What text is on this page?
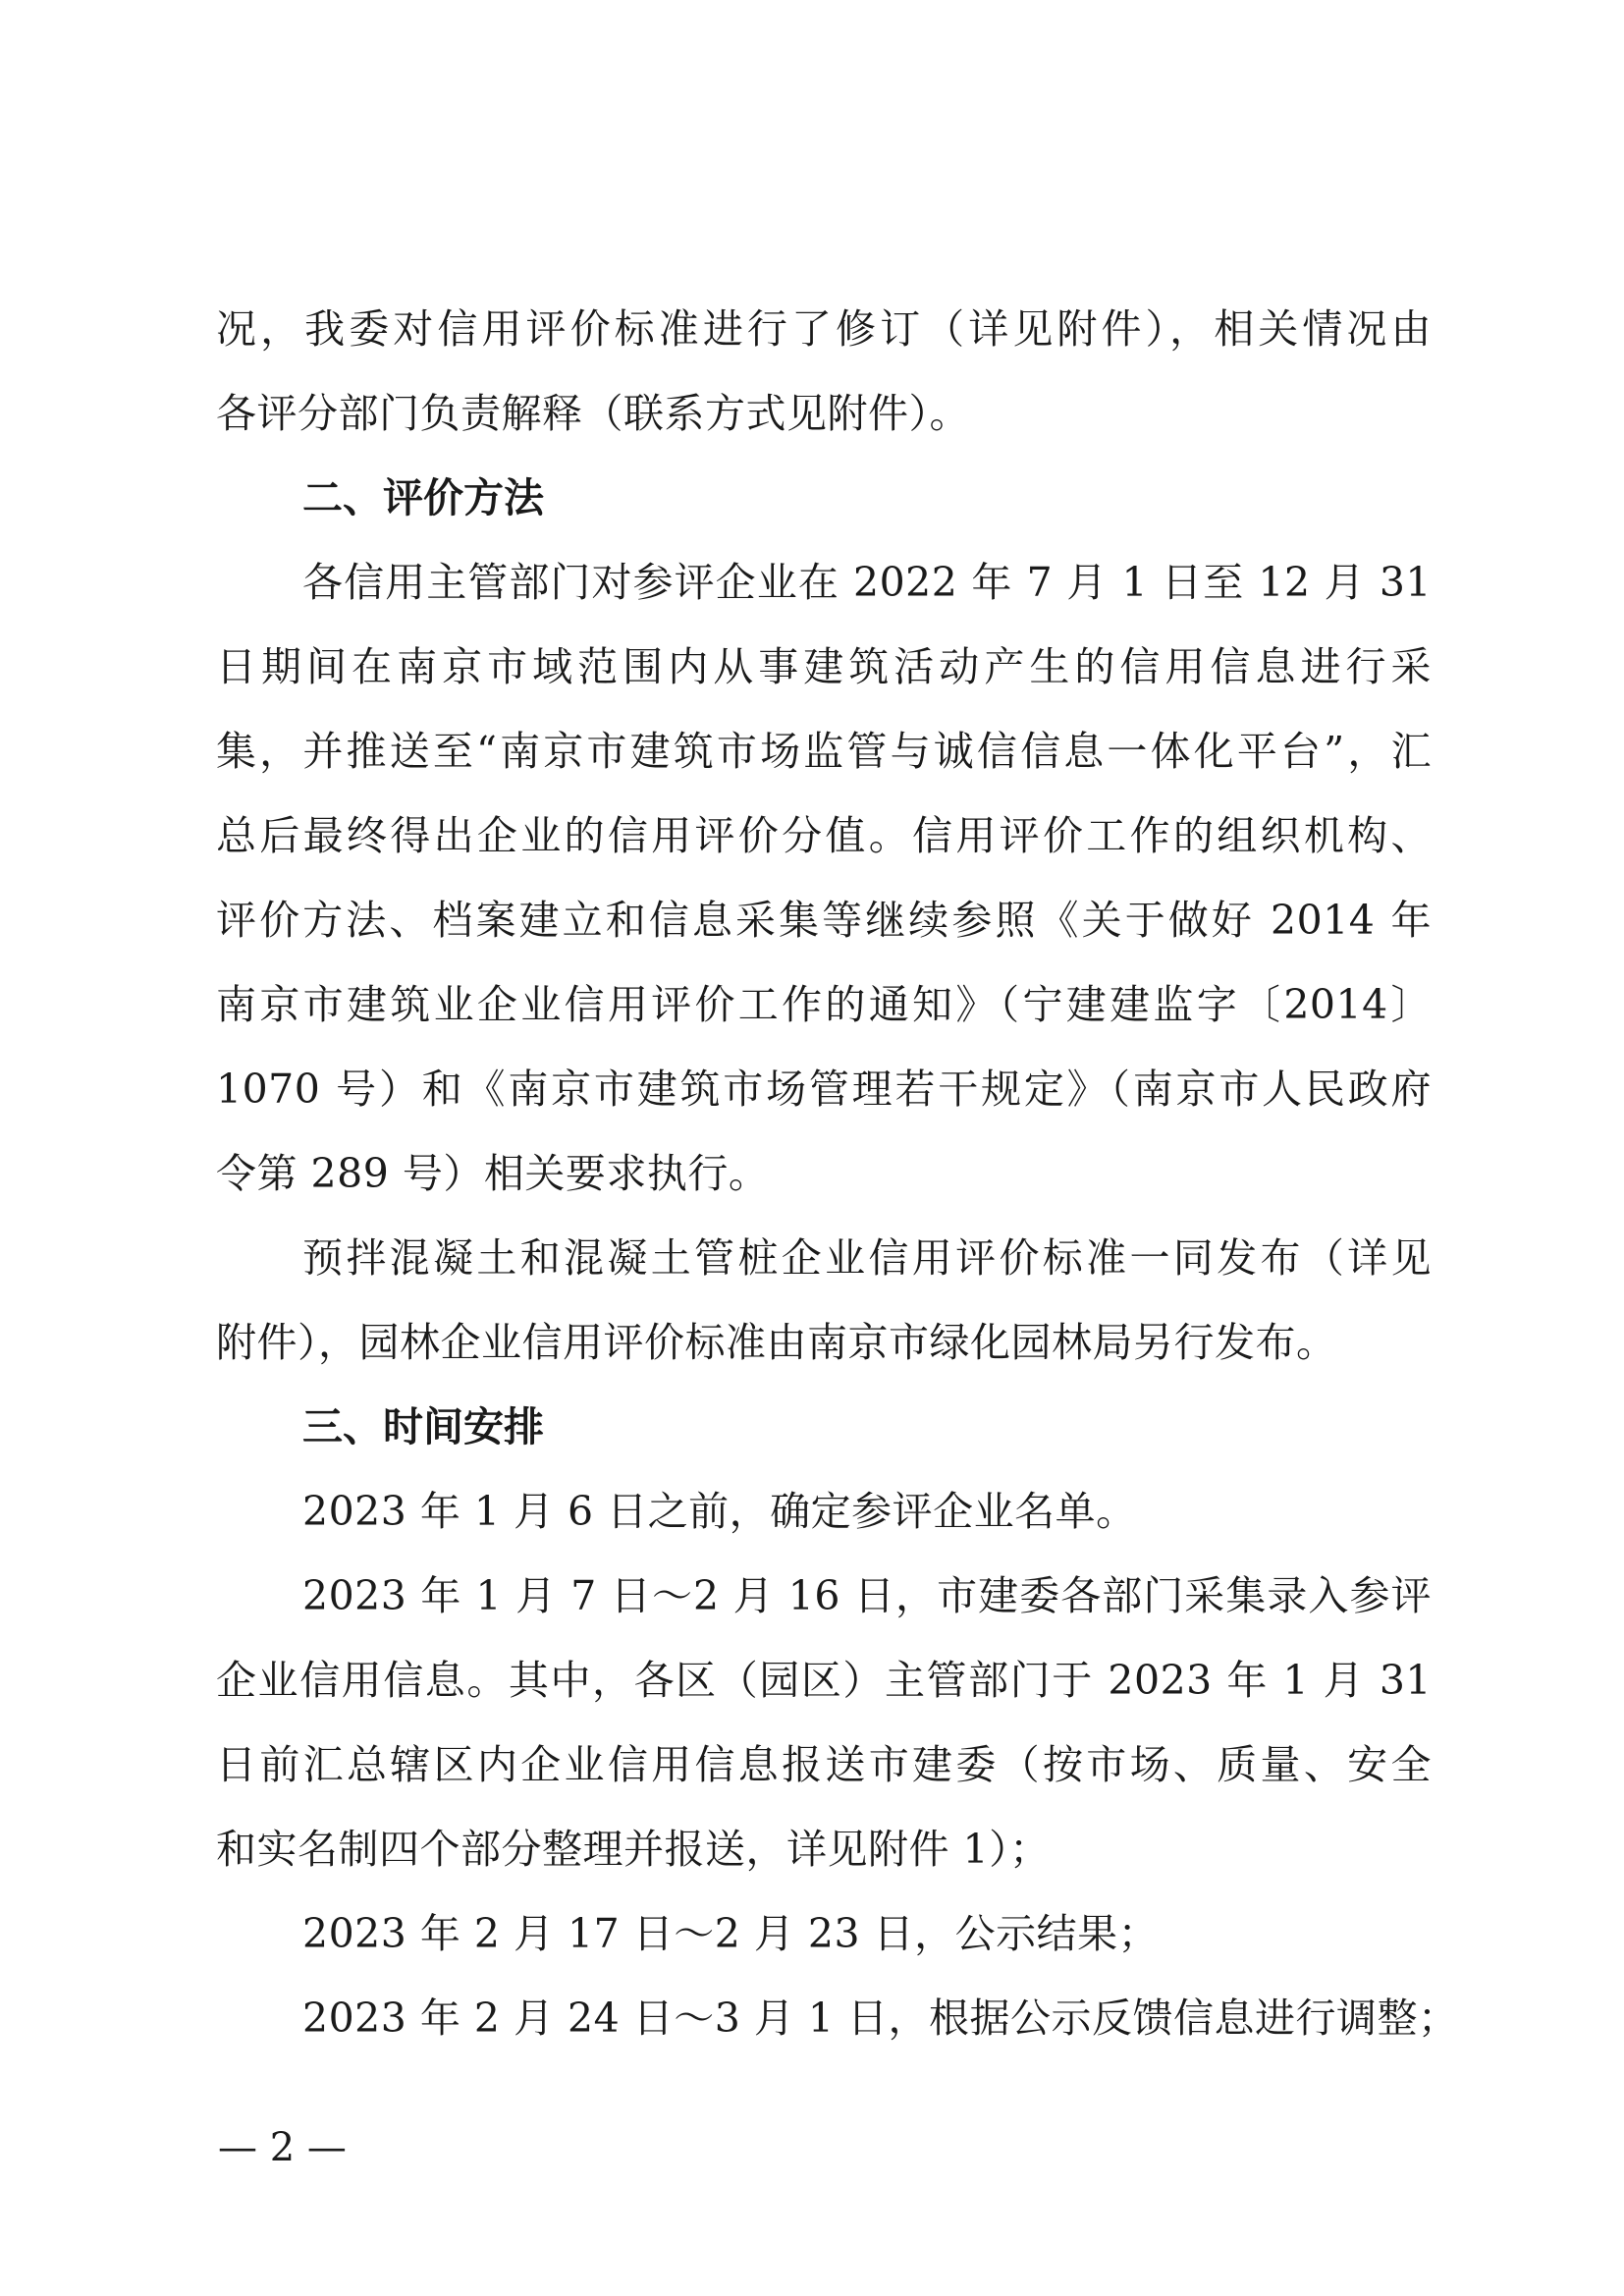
况，我委对信用评价标准进行了修订（详见附件），相关情况由
各评分部门负责解释（联系方式见附件）。
二、评价方法
各信用主管部门对参评企业在 2022 年 7 月 1 日至 12 月 31
日期间在南京市域范围内从事建筑活动产生的信用信息进行采
集，并推送至“南京市建筑市场监管与诚信信息一体化平台”，汇
总后最终得出企业的信用评价分值。信用评价工作的组织机构、
评价方法、档案建立和信息采集等继续参照《关于做好 2014 年
南京市建筑业企业信用评价工作的通知》（宁建建监字〔2014〕
1070 号）和《南京市建筑市场管理若干规定》（南京市人民政府
令第 289 号）相关要求执行。
预拌混凝土和混凝土管桩企业信用评价标准一同发布（详见
附件），园林企业信用评价标准由南京市绿化园林局另行发布。
三、时间安排
2023 年 1 月 6 日之前，确定参评企业名单。
2023 年 1 月 7 日～2 月 16 日，市建委各部门采集录入参评
企业信用信息。其中，各区（园区）主管部门于 2023 年 1 月 31
日前汇总辖区内企业信用信息报送市建委（按市场、质量、安全
和实名制四个部分整理并报送，详见附件 1）；
2023 年 2 月 17 日～2 月 23 日，公示结果；
2023 年 2 月 24 日～3 月 1 日，根据公示反馈信息进行调整；
— 2 —
